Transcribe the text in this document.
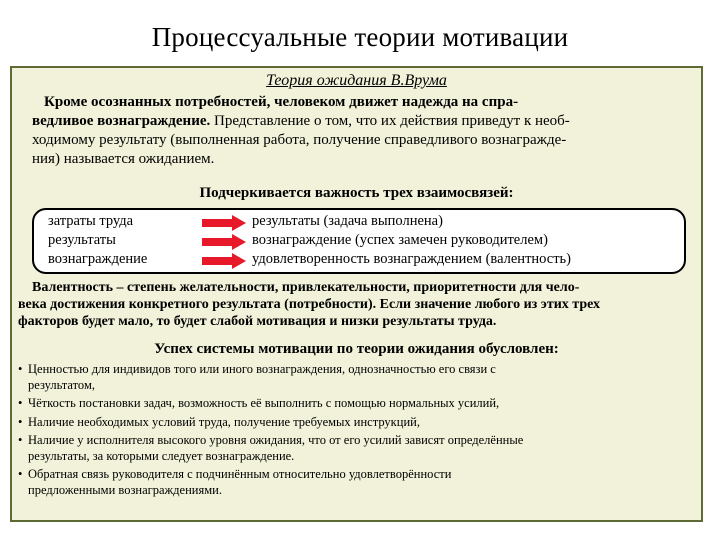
Процессуальные теории мотивации
Теория ожидания В.Врума
Кроме осознанных потребностей, человеком движет надежда на спра-
ведливое вознаграждение. Представление о том, что их действия приведут к необ-
ходимому результату (выполненная работа, получение справедливого вознагражде-
ния) называется ожиданием.
Подчеркивается важность трех взаимосвязей:
затраты труда	результаты (задача выполнена)
результаты	вознаграждение (успех замечен руководителем)
вознаграждение	удовлетворенность вознаграждением (валентность)
Валентность – степень желательности, привлекательности, приоритетности для чело-
века достижения конкретного результата (потребности). Если значение любого из этих трех
факторов будет мало, то будет слабой мотивация и низки результаты труда.
Успех системы мотивации по теории ожидания обусловлен:
• Ценностью для индивидов того или иного вознаграждения, однозначностью его связи с
результатом,
• Чёткость постановки задач, возможность её выполнить с помощью нормальных усилий,
• Наличие необходимых условий труда, получение требуемых инструкций,
• Наличие у исполнителя высокого уровня ожидания, что от его усилий зависят определённые
результаты, за которыми следует вознаграждение.
• Обратная связь руководителя с подчинённым относительно удовлетворённости
предложенными вознаграждениями.
